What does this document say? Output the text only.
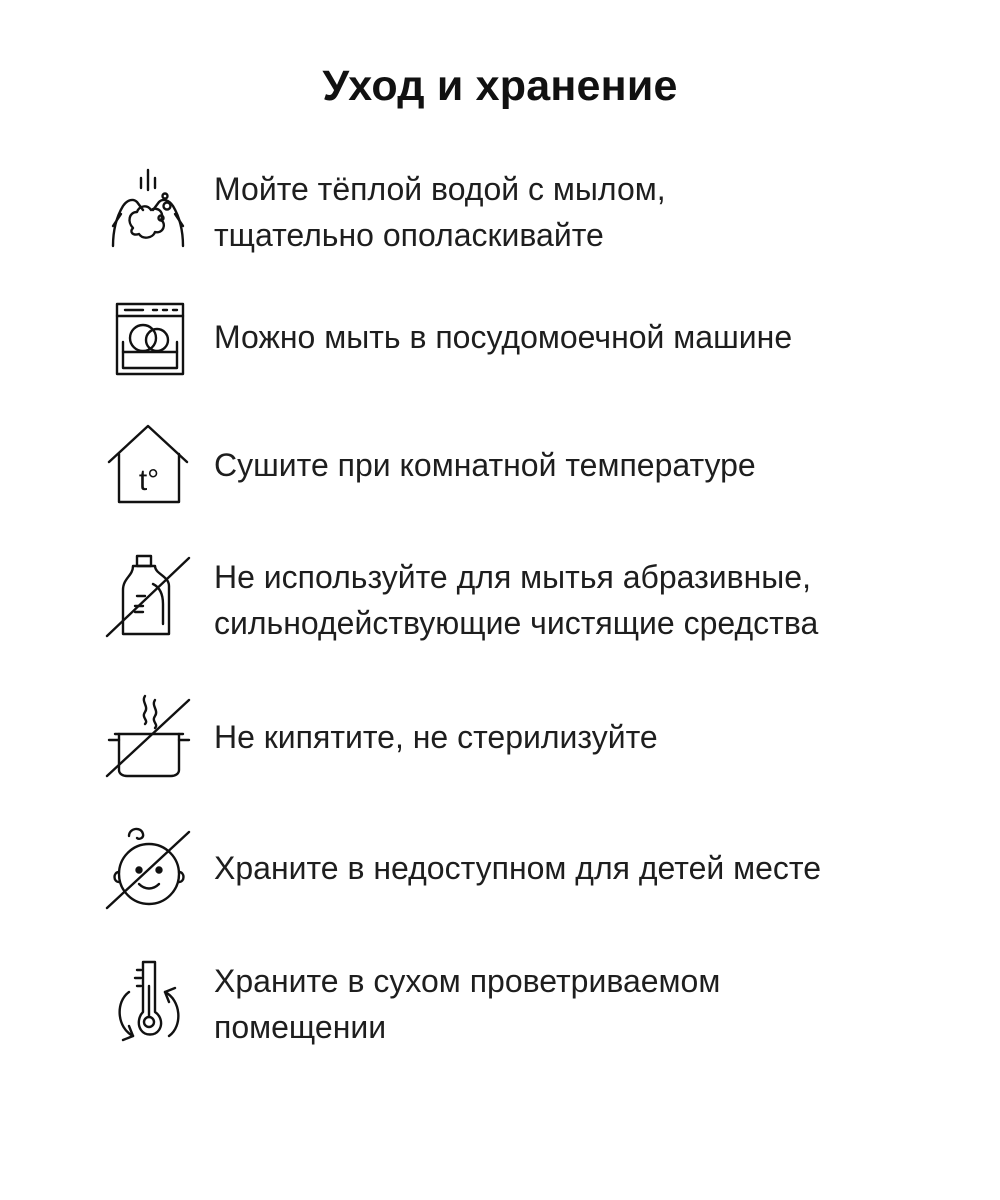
Уход и хранение
Мойте тёплой водой с мылом,
тщательно ополаскивайте
Можно мыть в посудомоечной машине
t° Сушите при комнатной температуре
Не используйте для мытья абразивные,
сильнодействующие чистящие средства
Не кипятите, не стерилизуйте
Храните в недоступном для детей месте
Храните в сухом проветриваемом
помещении
